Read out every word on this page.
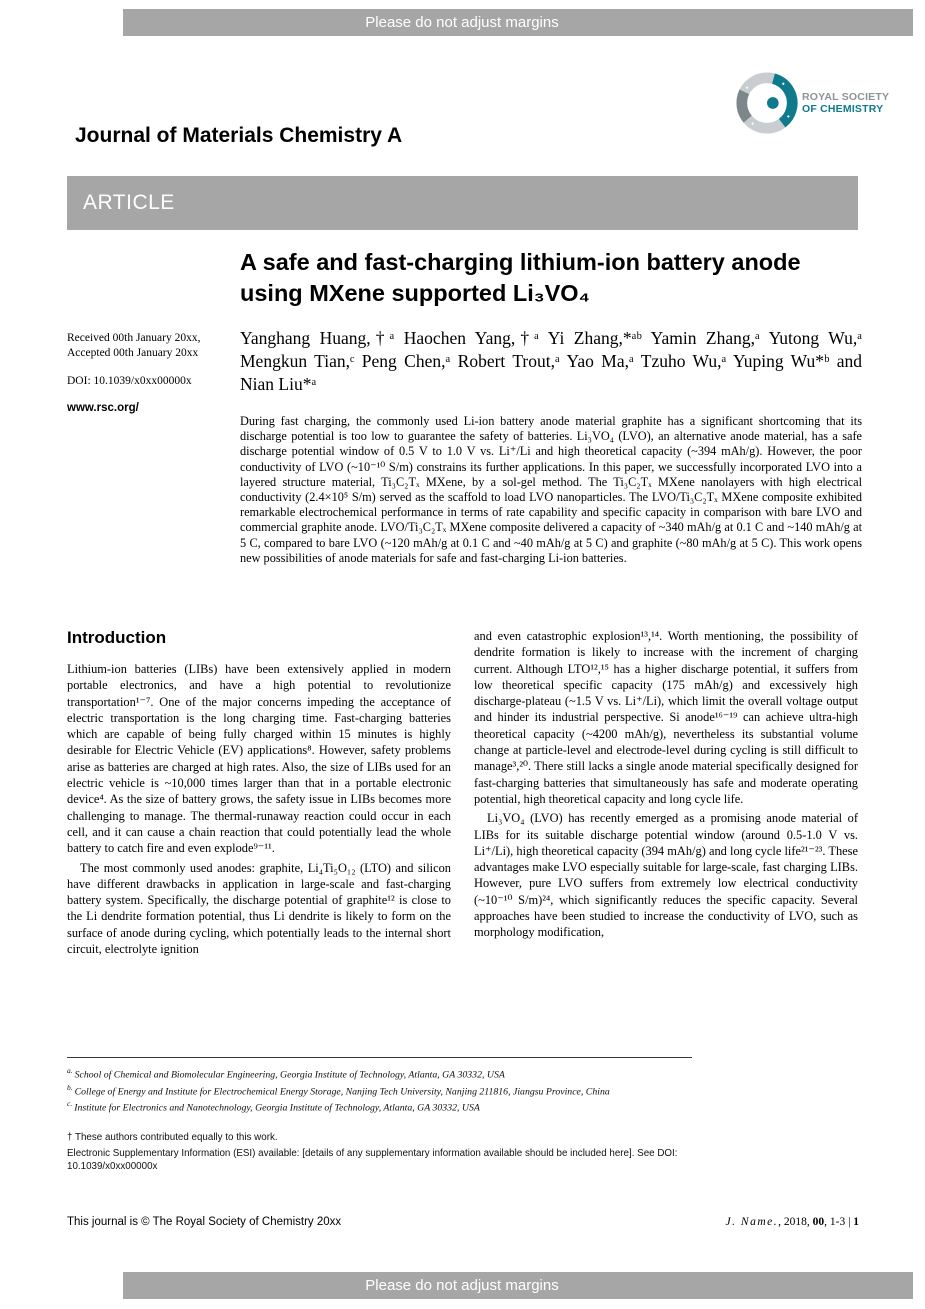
Please do not adjust margins
ROYAL SOCIETY
OF CHEMISTRY
Journal of Materials Chemistry A
ARTICLE
A safe and fast-charging lithium-ion battery anode using MXene supported Li₃VO₄

Received 00th January 20xx,

Accepted 00th January 20xx

DOI: 10.1039/x0xx00000x

www.rsc.org/

Yanghang Huang,†ᵃ Haochen Yang,†ᵃ Yi Zhang,*ᵃᵇ Yamin Zhang,ᵃ Yutong Wu,ᵃ Mengkun Tian,ᶜ Peng Chen,ᵃ Robert Trout,ᵃ Yao Ma,ᵃ Tzuho Wu,ᵃ Yuping Wu*ᵇ and Nian Liu*ᵃ

During fast charging, the commonly used Li-ion battery anode material graphite has a significant shortcoming that its discharge potential is too low to guarantee the safety of batteries. Li₃VO₄ (LVO), an alternative anode material, has a safe discharge potential window of 0.5 V to 1.0 V vs. Li⁺/Li and high theoretical capacity (~394 mAh/g). However, the poor conductivity of LVO (~10⁻¹⁰ S/m) constrains its further applications. In this paper, we successfully incorporated LVO into a layered structure material, Ti₃C₂Tₓ MXene, by a sol-gel method. The Ti₃C₂Tₓ MXene nanolayers with high electrical conductivity (2.4×10⁵ S/m) served as the scaffold to load LVO nanoparticles. The LVO/Ti₃C₂Tₓ MXene composite exhibited remarkable electrochemical performance in terms of rate capability and specific capacity in comparison with bare LVO and commercial graphite anode. LVO/Ti₃C₂Tₓ MXene composite delivered a capacity of ~340 mAh/g at 0.1 C and ~140 mAh/g at 5 C, compared to bare LVO (~120 mAh/g at 0.1 C and ~40 mAh/g at 5 C) and graphite (~80 mAh/g at 5 C). This work opens new possibilities of anode materials for safe and fast-charging Li-ion batteries.

Introduction

Lithium-ion batteries (LIBs) have been extensively applied in modern portable electronics, and have a high potential to revolutionize transportation¹⁻⁷. One of the major concerns impeding the acceptance of electric transportation is the long charging time. Fast-charging batteries which are capable of being fully charged within 15 minutes is highly desirable for Electric Vehicle (EV) applications⁸. However, safety problems arise as batteries are charged at high rates. Also, the size of LIBs used for an electric vehicle is ~10,000 times larger than that in a portable electronic device⁴. As the size of battery grows, the safety issue in LIBs becomes more challenging to manage. The thermal-runaway reaction could occur in each cell, and it can cause a chain reaction that could potentially lead the whole battery to catch fire and even explode⁹⁻¹¹.

The most commonly used anodes: graphite, Li₄Ti₅O₁₂ (LTO) and silicon have different drawbacks in application in large-scale and fast-charging battery system. Specifically, the discharge potential of graphite¹² is close to the Li dendrite formation potential, thus Li dendrite is likely to form on the surface of anode during cycling, which potentially leads to the internal short circuit, electrolyte ignition

and even catastrophic explosion¹³,¹⁴. Worth mentioning, the possibility of dendrite formation is likely to increase with the increment of charging current. Although LTO¹²,¹⁵ has a higher discharge potential, it suffers from low theoretical specific capacity (175 mAh/g) and excessively high discharge-plateau (~1.5 V vs. Li⁺/Li), which limit the overall voltage output and hinder its industrial perspective. Si anode¹⁶⁻¹⁹ can achieve ultra-high theoretical capacity (~4200 mAh/g), nevertheless its substantial volume change at particle-level and electrode-level during cycling is still difficult to manage³,²⁰. There still lacks a single anode material specifically designed for fast-charging batteries that simultaneously has safe and moderate operating potential, high theoretical capacity and long cycle life.

Li₃VO₄ (LVO) has recently emerged as a promising anode material of LIBs for its suitable discharge potential window (around 0.5-1.0 V vs. Li⁺/Li), high theoretical capacity (394 mAh/g) and long cycle life²¹⁻²³. These advantages make LVO especially suitable for large-scale, fast charging LIBs. However, pure LVO suffers from extremely low electrical conductivity (~10⁻¹⁰ S/m)²⁴, which significantly reduces the specific capacity. Several approaches have been studied to increase the conductivity of LVO, such as morphology modification,

$^{a.}$ School of Chemical and Biomolecular Engineering, Georgia Institute of Technology, Atlanta, GA 30332, USA

$^{b.}$ College of Energy and Institute for Electrochemical Energy Storage, Nanjing Tech University, Nanjing 211816, Jiangsu Province, China

$^{c.}$ Institute for Electronics and Nanotechnology, Georgia Institute of Technology, Atlanta, GA 30332, USA

† These authors contributed equally to this work.

Electronic Supplementary Information (ESI) available: [details of any supplementary information available should be included here]. See DOI: 10.1039/x0xx00000x

This journal is © The Royal Society of Chemistry 20xx	J. Name., 2018, 00, 1-3 | 1
Please do not adjust margins
